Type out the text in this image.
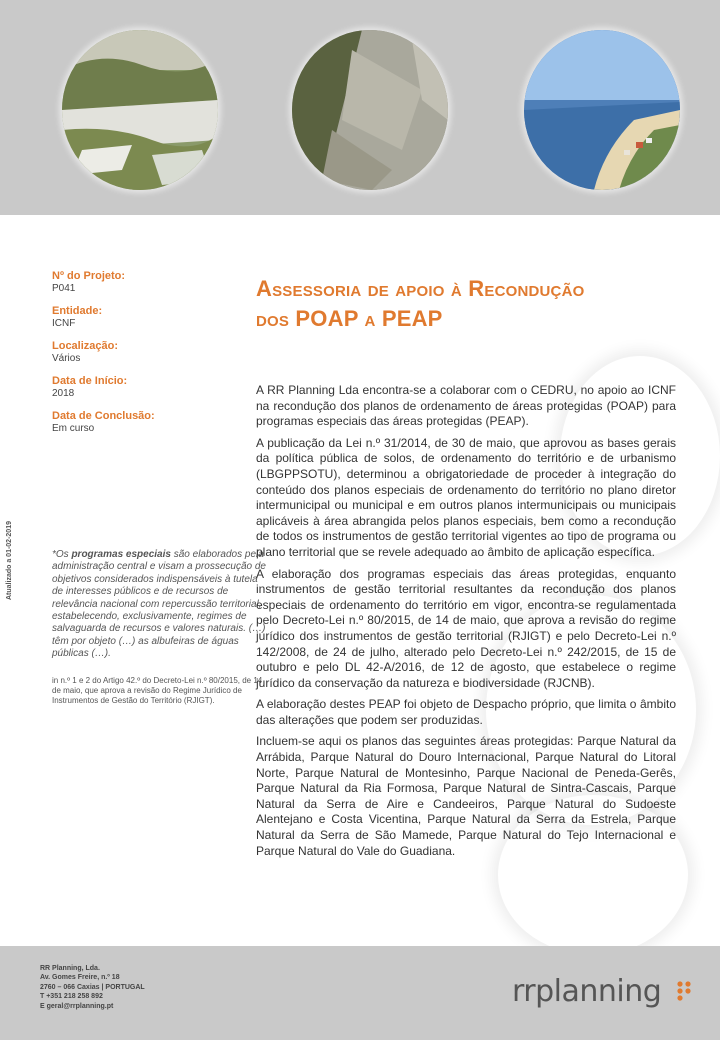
Nº do Projeto:
P041
Entidade:
ICNF
Localização:
Vários
Data de Início:
2018
Data de Conclusão:
Em curso
Atualizado a 01-02-2019	*Os programas especiais são elaborados pela administração central e visam a prossecução de objetivos considerados indispensáveis à tutela de interesses públicos e de recursos de relevância nacional com repercussão territorial, estabelecendo, exclusivamente, regimes de salvaguarda de recursos e valores naturais. (…) têm por objeto (…) as albufeiras de águas públicas (…).
in n.º 1 e 2 do Artigo 42.º do Decreto-Lei n.º 80/2015, de 14 de maio, que aprova a revisão do Regime Jurídico de Instrumentos de Gestão do Território (RJIGT).
Assessoria de apoio à Recondução
dos POAP a PEAP

A RR Planning Lda encontra-se a colaborar com o CEDRU, no apoio ao ICNF na recondução dos planos de ordenamento de áreas protegidas (POAP) para programas especiais das áreas protegidas (PEAP).

A publicação da Lei n.º 31/2014, de 30 de maio, que aprovou as bases gerais da política pública de solos, de ordenamento do território e de urbanismo (LBGPPSOTU), determinou a obrigatoriedade de proceder à integração do conteúdo dos planos especiais de ordenamento do território no plano diretor intermunicipal ou municipal e em outros planos intermunicipais ou municipais aplicáveis à área abrangida pelos planos especiais, bem como a recondução de todos os instrumentos de gestão territorial vigentes ao tipo de programa ou plano territorial que se revele adequado ao âmbito de aplicação específica.

A elaboração dos programas especiais das áreas protegidas, enquanto instrumentos de gestão territorial resultantes da recondução dos planos especiais de ordenamento do território em vigor, encontra-se regulamentada pelo Decreto-Lei n.º 80/2015, de 14 de maio, que aprova a revisão do regime jurídico dos instrumentos de gestão territorial (RJIGT) e pelo Decreto-Lei n.º 142/2008, de 24 de julho, alterado pelo Decreto-Lei n.º 242/2015, de 15 de outubro e pelo DL 42-A/2016, de 12 de agosto, que estabelece o regime jurídico da conservação da natureza e biodiversidade (RJCNB).

A elaboração destes PEAP foi objeto de Despacho próprio, que limita o âmbito das alterações que podem ser produzidas.

Incluem-se aqui os planos das seguintes áreas protegidas: Parque Natural da Arrábida, Parque Natural do Douro Internacional, Parque Natural do Litoral Norte, Parque Natural de Montesinho, Parque Nacional de Peneda-Gerês, Parque Natural da Ria Formosa, Parque Natural de Sintra-Cascais, Parque Natural da Serra de Aire e Candeeiros, Parque Natural do Sudoeste Alentejano e Costa Vicentina, Parque Natural da Serra da Estrela, Parque Natural da Serra de São Mamede, Parque Natural do Tejo Internacional e Parque Natural do Vale do Guadiana.

RR Planning, Lda.
Av. Gomes Freire, n.º 18
2760 – 066 Caxias | PORTUGAL
T +351 218 258 892
E geral@rrplanning.pt	rrplanning
